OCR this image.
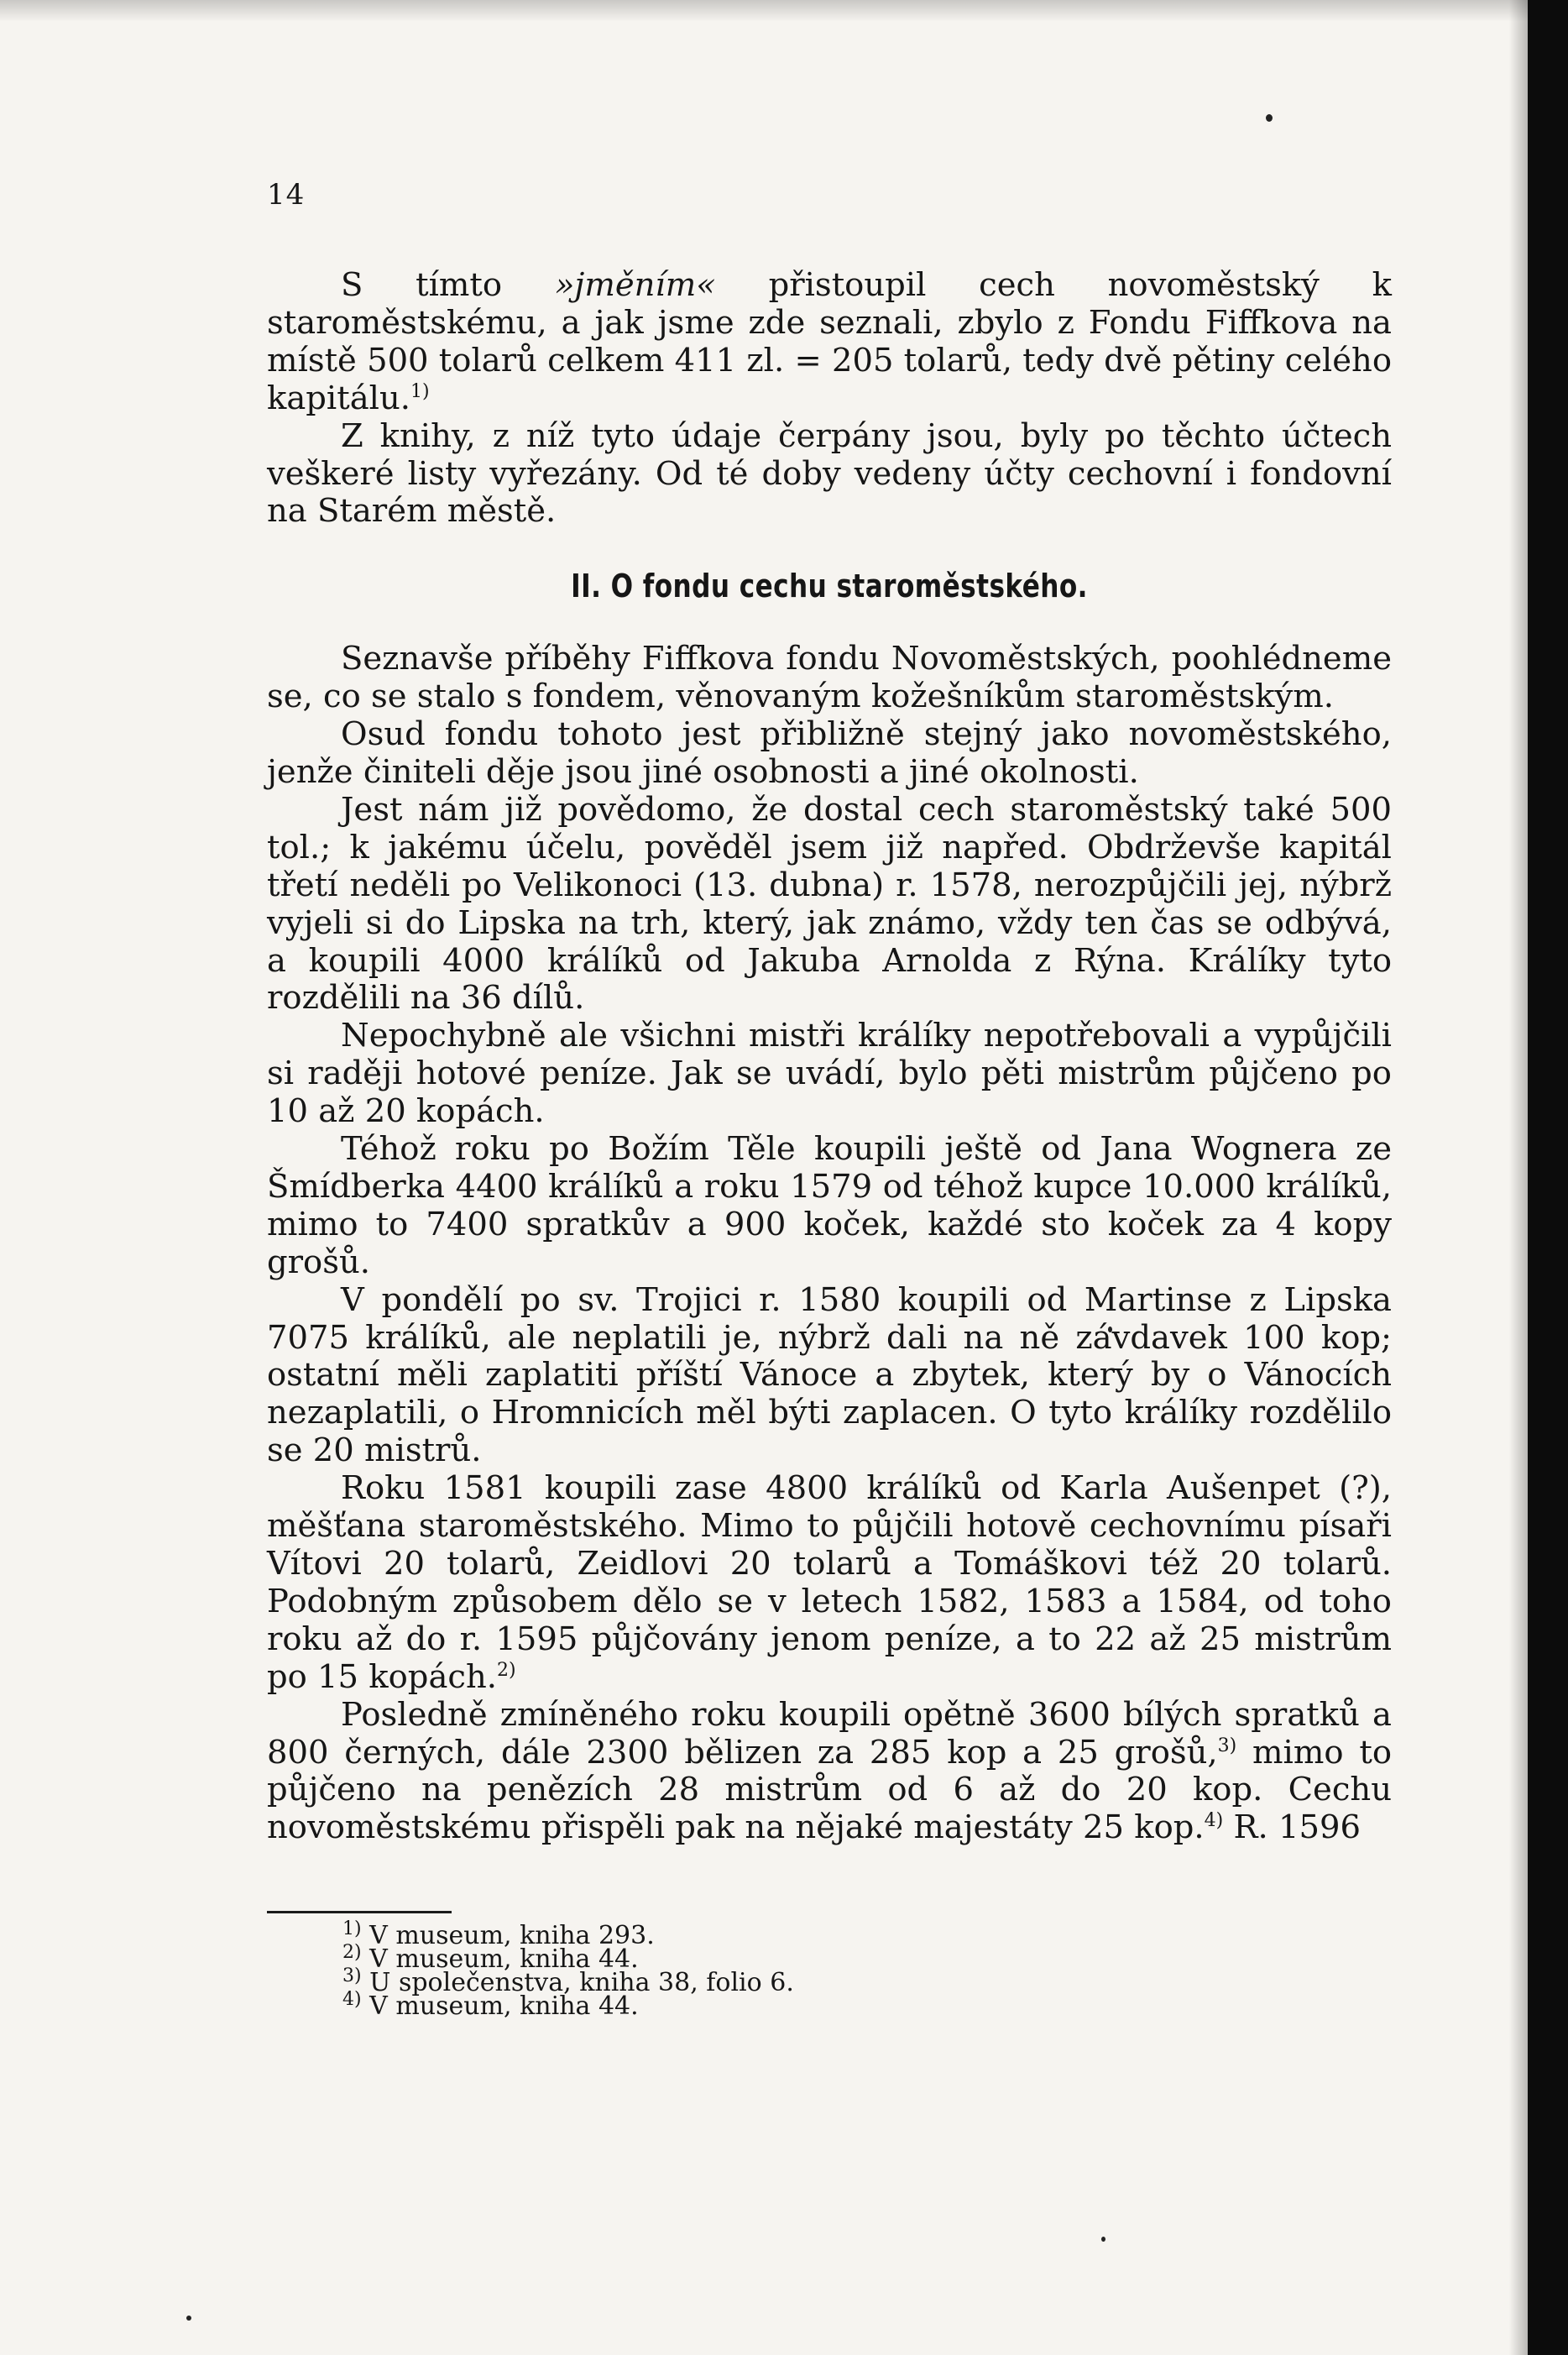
14

S tímto »jměním« přistoupil cech novoměstský k staroměstskému, a jak jsme zde seznali, zbylo z Fondu Fiffkova na místě 500 tolarů celkem 411 zl. = 205 tolarů, tedy dvě pětiny celého kapitálu.$^{1)}$

Z knihy, z níž tyto údaje čerpány jsou, byly po těchto účtech veškeré listy vyřezány. Od té doby vedeny účty cechovní i fondovní na Starém městě.

II. O fondu cechu staroměstského.

Seznavše příběhy Fiffkova fondu Novoměstských, poohlédneme se, co se stalo s fondem, věnovaným kožešníkům staroměstským.

Osud fondu tohoto jest přibližně stejný jako novoměstského, jenže činiteli děje jsou jiné osobnosti a jiné okolnosti.

Jest nám již povědomo, že dostal cech staroměstský také 500 tol.; k jakému účelu, pověděl jsem již napřed. Obdrževše kapitál třetí neděli po Velikonoci (13. dubna) r. 1578, nerozpůjčili jej, nýbrž vyjeli si do Lipska na trh, který, jak známo, vždy ten čas se odbývá, a koupili 4000 králíků od Jakuba Arnolda z Rýna. Králíky tyto rozdělili na 36 dílů.

Nepochybně ale všichni mistři králíky nepotřebovali a vypůjčili si raději hotové peníze. Jak se uvádí, bylo pěti mistrům půjčeno po 10 až 20 kopách.

Téhož roku po Božím Těle koupili ještě od Jana Wognera ze Šmídberka 4400 králíků a roku 1579 od téhož kupce 10.000 králíků, mimo to 7400 spratkův a 900 koček, každé sto koček za 4 kopy grošů.

V pondělí po sv. Trojici r. 1580 koupili od Martinse z Lipska 7075 králíků, ale neplatili je, nýbrž dali na ně závdavek 100 kop; ostatní měli zaplatiti příští Vánoce a zbytek, který by o Vánocích nezaplatili, o Hromnicích měl býti zaplacen. O tyto králíky rozdělilo se 20 mistrů.

Roku 1581 koupili zase 4800 králíků od Karla Aušenpet (?), měšťana staroměstského. Mimo to půjčili hotově cechovnímu písaři Vítovi 20 tolarů, Zeidlovi 20 tolarů a Tomáškovi též 20 tolarů. Podobným způsobem dělo se v letech 1582, 1583 a 1584, od toho roku až do r. 1595 půjčovány jenom peníze, a to 22 až 25 mistrům po 15 kopách.$^{2)}$

Posledně zmíněného roku koupili opětně 3600 bílých spratků a 800 černých, dále 2300 bělizen za 285 kop a 25 grošů,$^{3)}$ mimo to půjčeno na penězích 28 mistrům od 6 až do 20 kop. Cechu novoměstskému přispěli pak na nějaké majestáty 25 kop.$^{4)}$ R. 1596

$^{1)}$ V museum, kniha 293.
$^{2)}$ V museum, kniha 44.
$^{3)}$ U společenstva, kniha 38, folio 6.
$^{4)}$ V museum, kniha 44.
